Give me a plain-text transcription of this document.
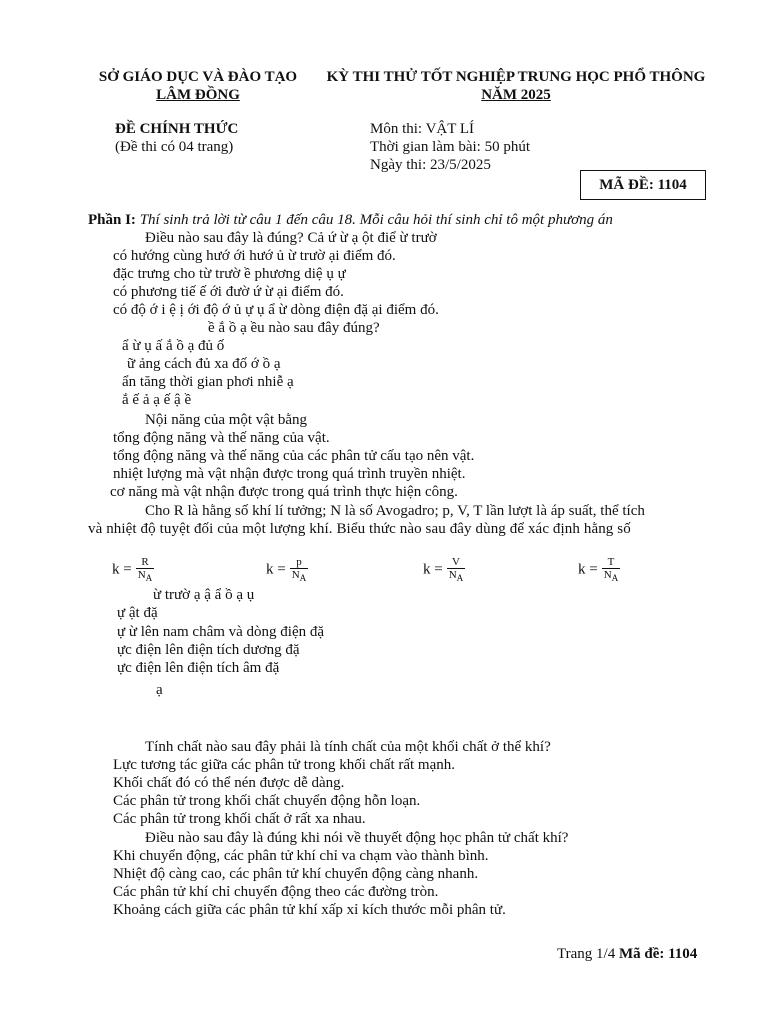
SỞ GIÁO DỤC VÀ ĐÀO TẠO
LÂM ĐỒNG
KỲ THI THỬ TỐT NGHIỆP TRUNG HỌC PHỔ THÔNG
NĂM 2025
ĐỀ CHÍNH THỨC
(Đề thi có 04 trang)
Môn thi: VẬT LÍ
Thời gian làm bài: 50 phút
Ngày thi: 23/5/2025
MÃ ĐỀ: 1104
Phần I: Thí sinh trả lời từ câu 1 đến câu 18. Mỗi câu hỏi thí sinh chỉ tô một phương án
Điều nào sau đây là đúng? Cả ứ ừ ạ ột điể ừ trườ
có hướng cùng hướ ới hướ ủ ừ trườ ại điểm đó.
đặc trưng cho từ trườ ề phương diệ ụ ự
có phương tiế ế ới đườ ứ ừ ại điểm đó.
có độ ớ i ệ ị ới độ ớ ủ ự ụ ẩ ừ dòng điện đặ ại điểm đó.
ề ắ ồ ạ ều nào sau đây đúng?
ẩ ừ ụ ấ ắ ồ ạ đủ ố
ữ ảng cách đủ xa đố ớ ồ ạ
ẩn tăng thời gian phơi nhiễ ạ
ắ ế ả ạ ế ậ ề
Nội năng của một vật bằng
tổng động năng và thế năng của vật.
tổng động năng và thế năng của các phân tử cấu tạo nên vật.
nhiệt lượng mà vật nhận được trong quá trình truyền nhiệt.
cơ năng mà vật nhận được trong quá trình thực hiện công.
Cho R là hằng số khí lí tưởng; N là số Avogadro; p, V, T lần lượt là áp suất, thể tích
và nhiệt độ tuyệt đối của một lượng khí. Biểu thức nào sau đây dùng để xác định hằng số
$k = \frac{R}{N_A}$	$k = \frac{p}{N_A}$	$k = \frac{V}{N_A}$	$k = \frac{T}{N_A}$
ừ trườ ạ ậ ẩ ồ ạ ụ
ự ật đặ
ự ừ lên nam châm và dòng điện đặ
ực điện lên điện tích dương đặ
ực điện lên điện tích âm đặ
ạ
Tính chất nào sau đây phải là tính chất của một khối chất ở thể khí?
Lực tương tác giữa các phân tử trong khối chất rất mạnh.
Khối chất đó có thể nén được dễ dàng.
Các phân tử trong khối chất chuyển động hỗn loạn.
Các phân tử trong khối chất ở rất xa nhau.
Điều nào sau đây là đúng khi nói về thuyết động học phân tử chất khí?
Khi chuyển động, các phân tử khí chỉ va chạm vào thành bình.
Nhiệt độ càng cao, các phân tử khí chuyển động càng nhanh.
Các phân tử khí chỉ chuyển động theo các đường tròn.
Khoảng cách giữa các phân tử khí xấp xỉ kích thước mỗi phân tử.
Trang 1/4 Mã đề: 1104
